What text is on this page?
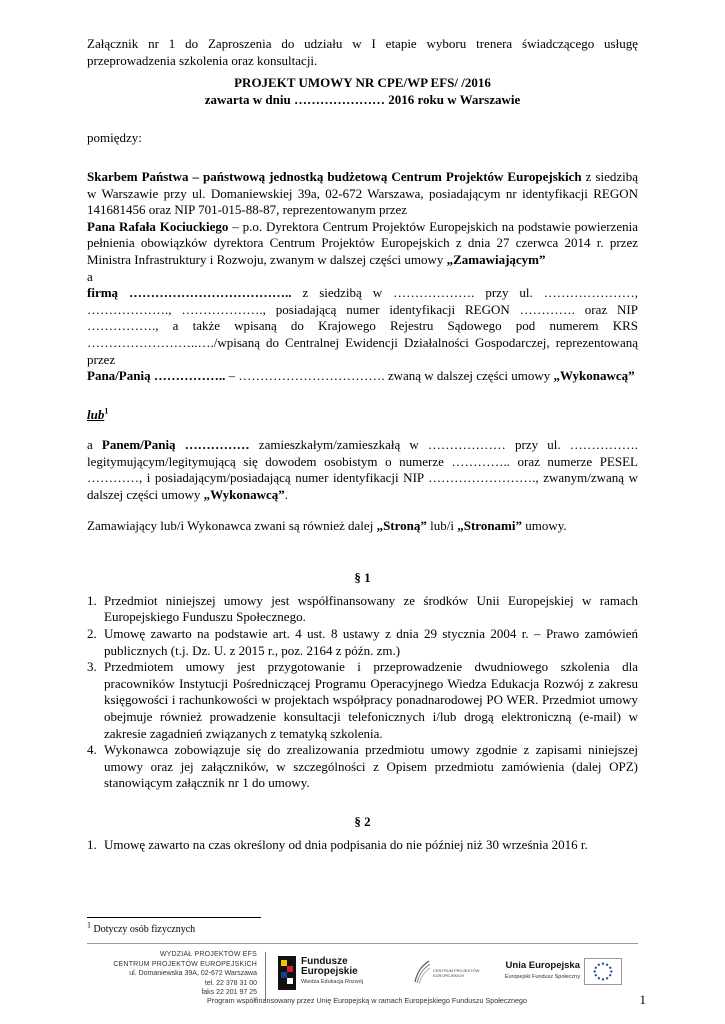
Załącznik nr 1 do Zaproszenia do udziału w I etapie wyboru trenera świadczącego usługę przeprowadzenia szkolenia oraz konsultacji.

PROJEKT UMOWY NR CPE/WP EFS/ /2016

zawarta w dniu ………………… 2016 roku w Warszawie

pomiędzy:

Skarbem Państwa – państwową jednostką budżetową Centrum Projektów Europejskich z siedzibą w Warszawie przy ul. Domaniewskiej 39a, 02-672 Warszawa, posiadającym nr identyfikacji REGON 141681456 oraz NIP 701-015-88-87, reprezentowanym przez

Pana Rafała Kociuckiego – p.o. Dyrektora Centrum Projektów Europejskich na podstawie powierzenia pełnienia obowiązków dyrektora Centrum Projektów Europejskich z dnia 27 czerwca 2014 r. przez Ministra Infrastruktury i Rozwoju, zwanym w dalszej części umowy „Zamawiającym”

a

firmą ……………………………….. z siedzibą w ………………. przy ul. …………………, ………………., ………………., posiadającą numer identyfikacji REGON …………. oraz NIP ……………., a także wpisaną do Krajowego Rejestru Sądowego pod numerem KRS ……………………..…./wpisaną do Centralnej Ewidencji Działalności Gospodarczej, reprezentowaną przez

Pana/Panią …………….. – ……………………………. zwaną w dalszej części umowy „Wykonawcą”

lub$^1$

a Panem/Panią …………… zamieszkałym/zamieszkałą w ……………… przy ul. ……………. legitymującym/legitymującą się dowodem osobistym o numerze ………….. oraz numerze PESEL …………, i posiadającym/posiadającą numer identyfikacji NIP ……………………., zwanym/zwaną w dalszej części umowy „Wykonawcą”.

Zamawiający lub/i Wykonawca zwani są również dalej „Stroną” lub/i „Stronami” umowy.

§ 1

1. Przedmiot niniejszej umowy jest współfinansowany ze środków Unii Europejskiej w ramach Europejskiego Funduszu Społecznego.
2. Umowę zawarto na podstawie art. 4 ust. 8 ustawy z dnia 29 stycznia 2004 r. – Prawo zamówień publicznych (t.j. Dz. U. z 2015 r., poz. 2164 z późn. zm.)
3. Przedmiotem umowy jest przygotowanie i przeprowadzenie dwudniowego szkolenia dla pracowników Instytucji Pośredniczącej Programu Operacyjnego Wiedza Edukacja Rozwój z zakresu księgowości i rachunkowości w projektach współpracy ponadnarodowej PO WER. Przedmiot umowy obejmuje również prowadzenie konsultacji telefonicznych i/lub drogą elektroniczną (e-mail) w zakresie zagadnień związanych z tematyką szkolenia.
4. Wykonawca zobowiązuje się do zrealizowania przedmiotu umowy zgodnie z zapisami niniejszej umowy oraz jej załączników, w szczególności z Opisem przedmiotu zamówienia (dalej OPZ) stanowiącym załącznik nr 1 do umowy.

§ 2

1. Umowę zawarto na czas określony od dnia podpisania do nie później niż 30 września 2016 r.
$^1$ Dotyczy osób fizycznych
WYDZIAŁ PROJEKTÓW EFS
CENTRUM PROJEKTÓW EUROPEJSKICH
ul. Domaniewska 39A, 02-672 Warszawa
tel. 22 378 31 00
faks 22 201 97 25
Fundusze
Europejskie
Wiedza Edukacja Rozwój
CENTRUM PROJEKTÓW
EUROPEJSKICH
Unia Europejska
Europejski Fundusz Społeczny
Program współfinansowany przez Unię Europejską w ramach Europejskiego Funduszu Społecznego	1
